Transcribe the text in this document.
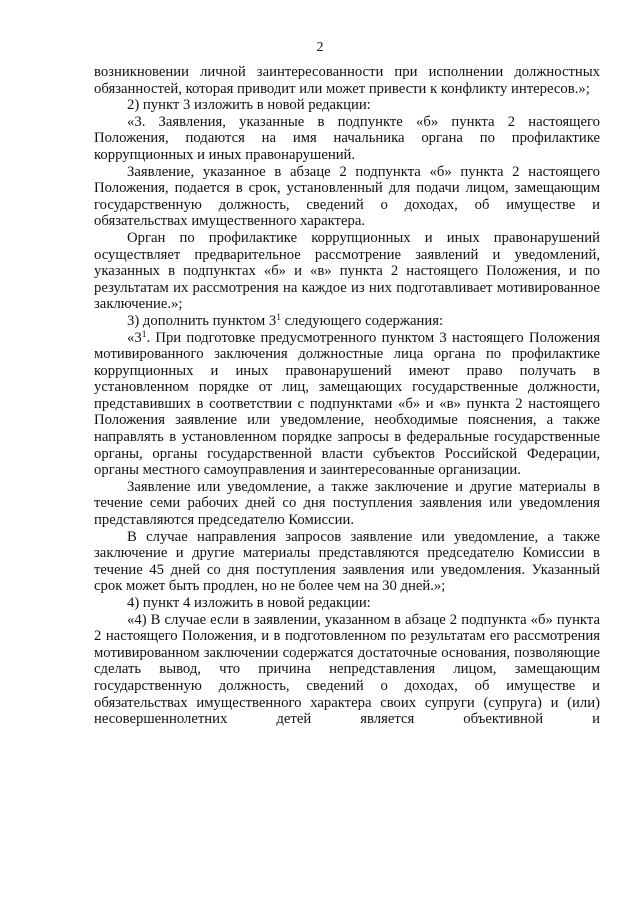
2

возникновении личной заинтересованности при исполнении должностных обязанностей, которая приводит или может привести к конфликту интересов.»;

2) пункт 3 изложить в новой редакции:

«3. Заявления, указанные в подпункте «б» пункта 2 настоящего Положения, подаются на имя начальника органа по профилактике коррупционных и иных правонарушений.

Заявление, указанное в абзаце 2 подпункта «б» пункта 2 настоящего Положения, подается в срок, установленный для подачи лицом, замещающим государственную должность, сведений о доходах, об имуществе и обязательствах имущественного характера.

Орган по профилактике коррупционных и иных правонарушений осуществляет предварительное рассмотрение заявлений и уведомлений, указанных в подпунктах «б» и «в» пункта 2 настоящего Положения, и по результатам их рассмотрения на каждое из них подготавливает мотивированное заключение.»;

3) дополнить пунктом $3^1$ следующего содержания:

«$3^1$. При подготовке предусмотренного пунктом 3 настоящего Положения мотивированного заключения должностные лица органа по профилактике коррупционных и иных правонарушений имеют право получать в установленном порядке от лиц, замещающих государственные должности, представивших в соответствии с подпунктами «б» и «в» пункта 2 настоящего Положения заявление или уведомление, необходимые пояснения, а также направлять в установленном порядке запросы в федеральные государственные органы, органы государственной власти субъектов Российской Федерации, органы местного самоуправления и заинтересованные организации.

Заявление или уведомление, а также заключение и другие материалы в течение семи рабочих дней со дня поступления заявления или уведомления представляются председателю Комиссии.

В случае направления запросов заявление или уведомление, а также заключение и другие материалы представляются председателю Комиссии в течение 45 дней со дня поступления заявления или уведомления. Указанный срок может быть продлен, но не более чем на 30 дней.»;

4) пункт 4 изложить в новой редакции:

«4) В случае если в заявлении, указанном в абзаце 2 подпункта «б» пункта 2 настоящего Положения, и в подготовленном по результатам его рассмотрения мотивированном заключении содержатся достаточные основания, позволяющие сделать вывод, что причина непредставления лицом, замещающим государственную должность, сведений о доходах, об имуществе и обязательствах имущественного характера своих супруги (супруга) и (или) несовершеннолетних детей является объективной и
